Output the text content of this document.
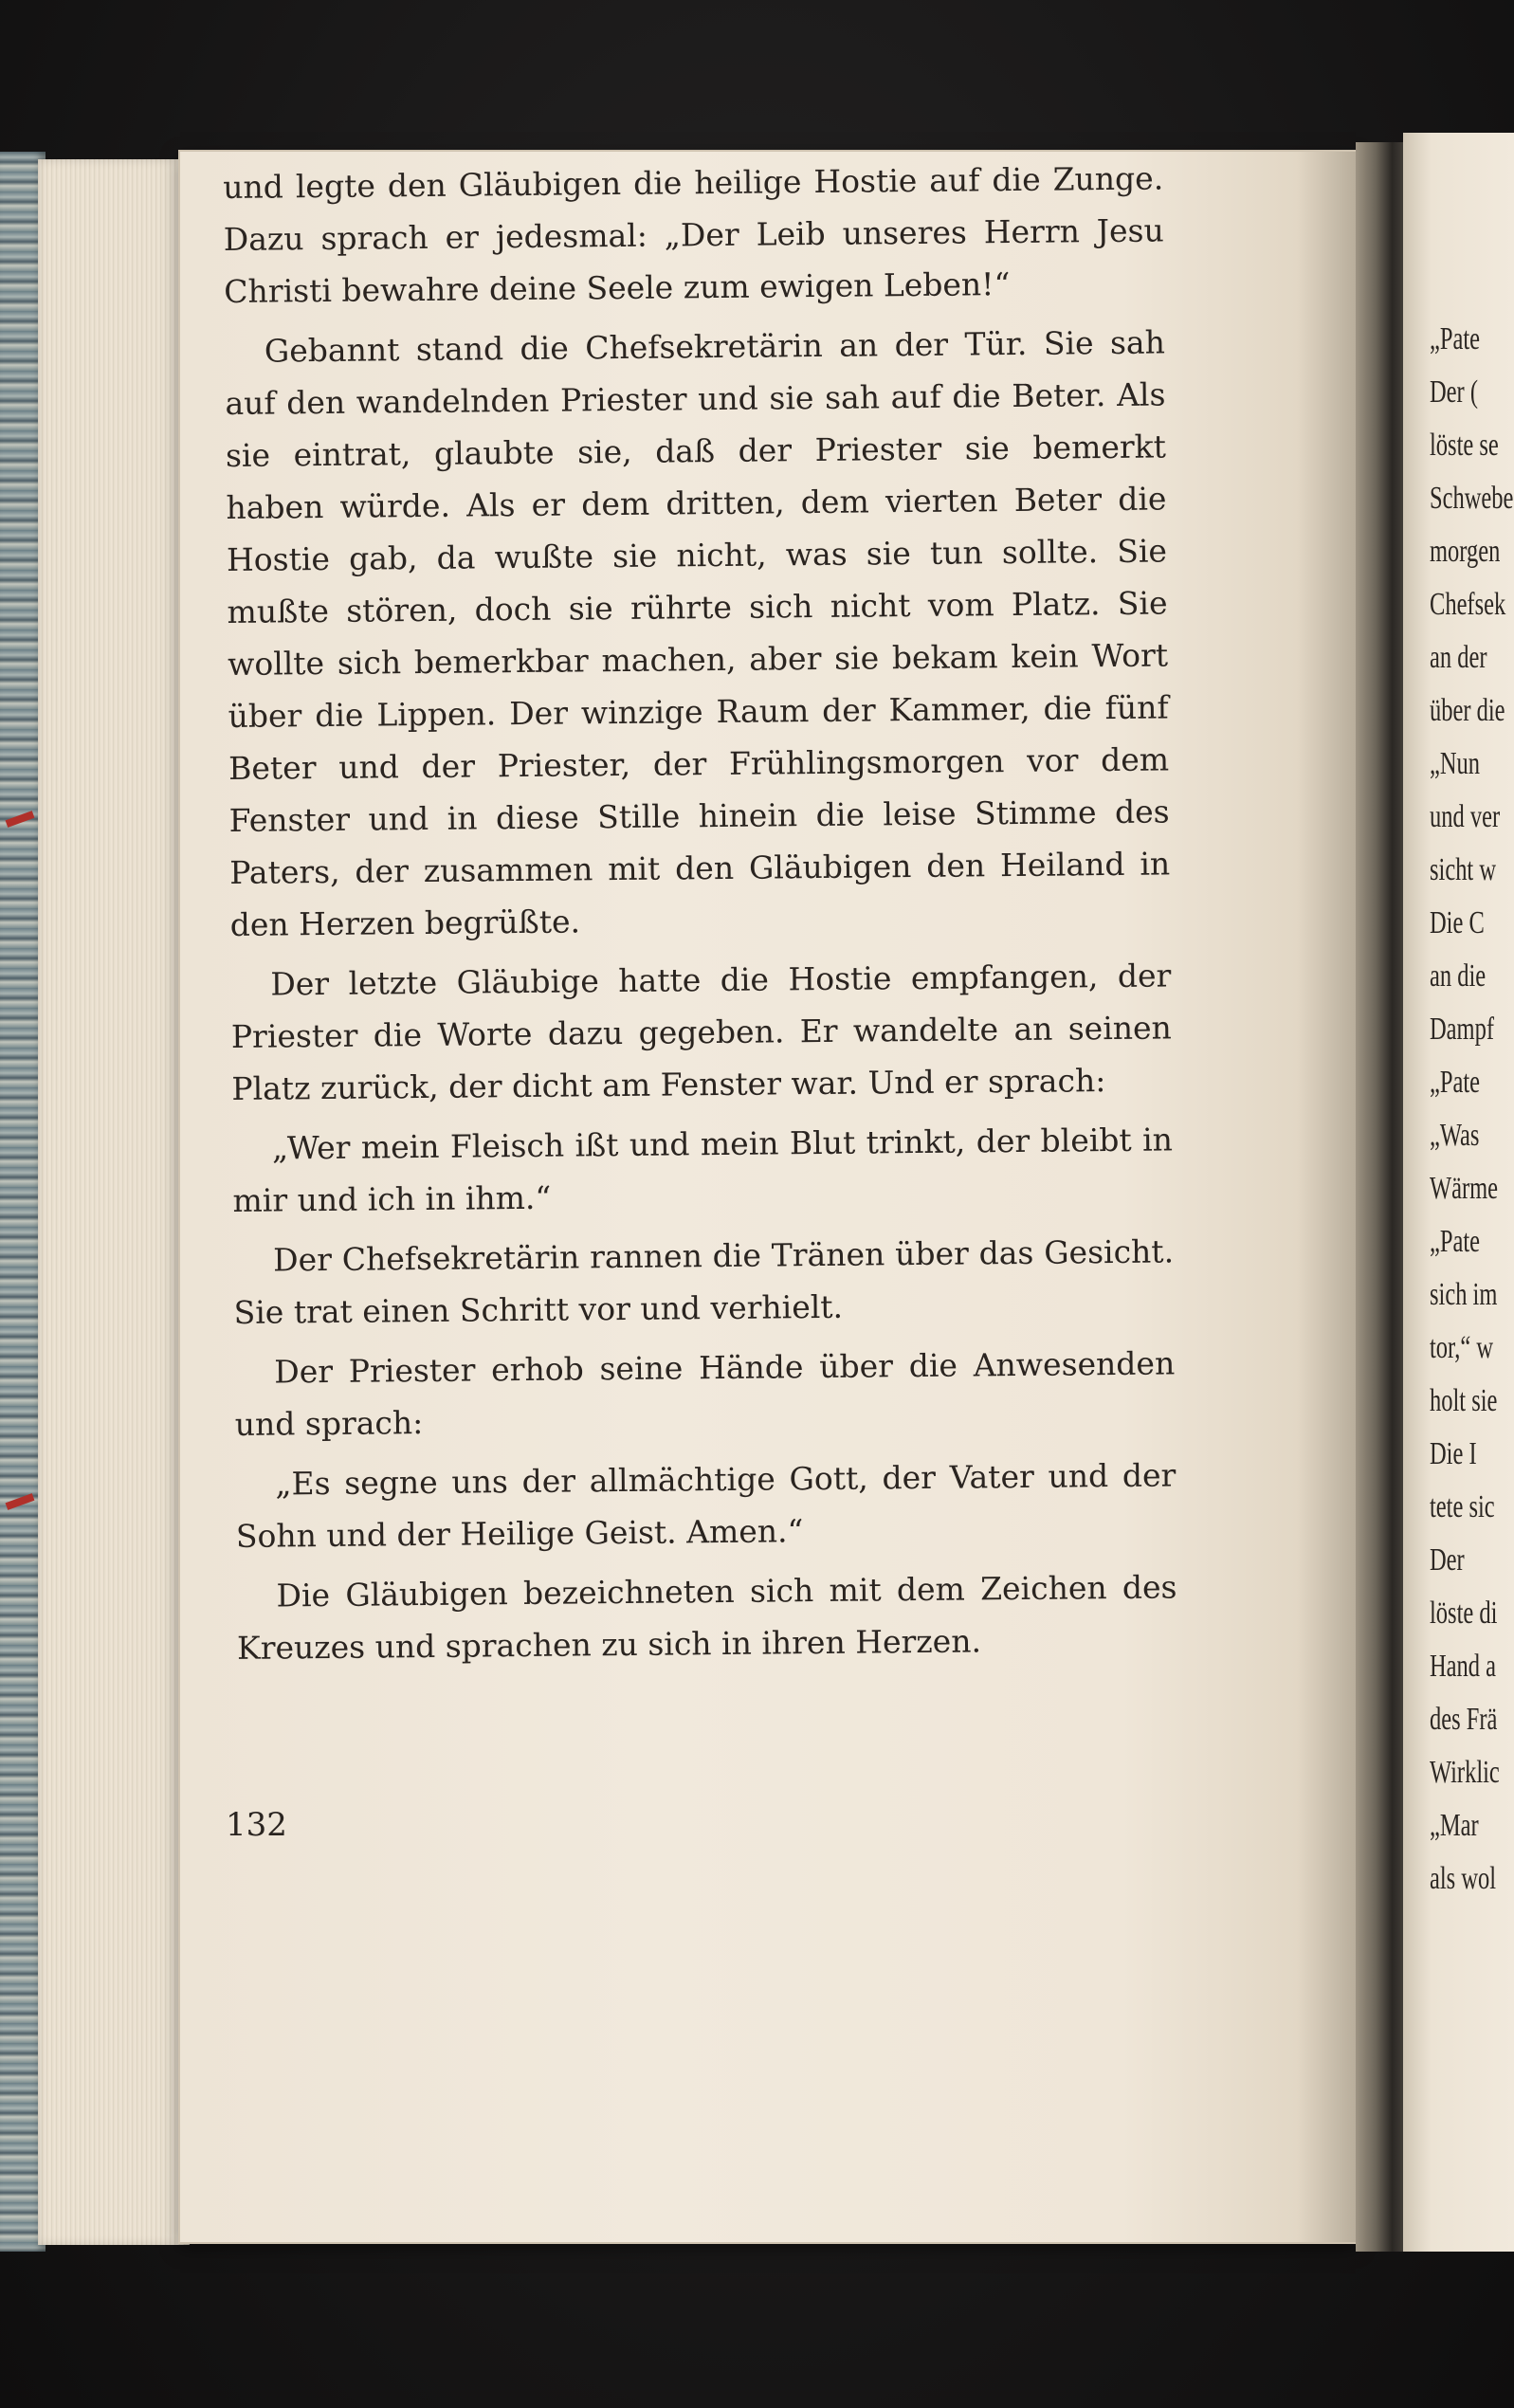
„Pate
Der (
löste se
Schwebe
morgen
Chefsek
an der
über die
„Nun
und ver
sicht w
Die C
an die
Dampf
„Pate
„Was
Wärme
„Pate
sich im
tor,“ w
holt sie
Die I
tete sic
Der
löste di
Hand a
des Frä
Wirklic
„Mar
als wol

und legte den Gläubigen die heilige Hostie auf die Zunge. Dazu sprach er jedesmal: „Der Leib unseres Herrn Jesu Christi bewahre deine Seele zum ewigen Leben!“

Gebannt stand die Chefsekretärin an der Tür. Sie sah auf den wandelnden Priester und sie sah auf die Beter. Als sie eintrat, glaubte sie, daß der Priester sie bemerkt haben würde. Als er dem dritten, dem vierten Beter die Hostie gab, da wußte sie nicht, was sie tun sollte. Sie mußte stören, doch sie rührte sich nicht vom Platz. Sie wollte sich bemerkbar machen, aber sie bekam kein Wort über die Lippen. Der winzige Raum der Kammer, die fünf Beter und der Priester, der Frühlingsmorgen vor dem Fenster und in diese Stille hinein die leise Stimme des Paters, der zusammen mit den Gläubigen den Heiland in den Herzen begrüßte.

Der letzte Gläubige hatte die Hostie empfangen, der Priester die Worte dazu gegeben. Er wandelte an seinen Platz zurück, der dicht am Fenster war. Und er sprach:

„Wer mein Fleisch ißt und mein Blut trinkt, der bleibt in mir und ich in ihm.“

Der Chefsekretärin rannen die Tränen über das Gesicht. Sie trat einen Schritt vor und verhielt.

Der Priester erhob seine Hände über die Anwesenden und sprach:

„Es segne uns der allmächtige Gott, der Vater und der Sohn und der Heilige Geist. Amen.“

Die Gläubigen bezeichneten sich mit dem Zeichen des Kreuzes und sprachen zu sich in ihren Herzen.

132
